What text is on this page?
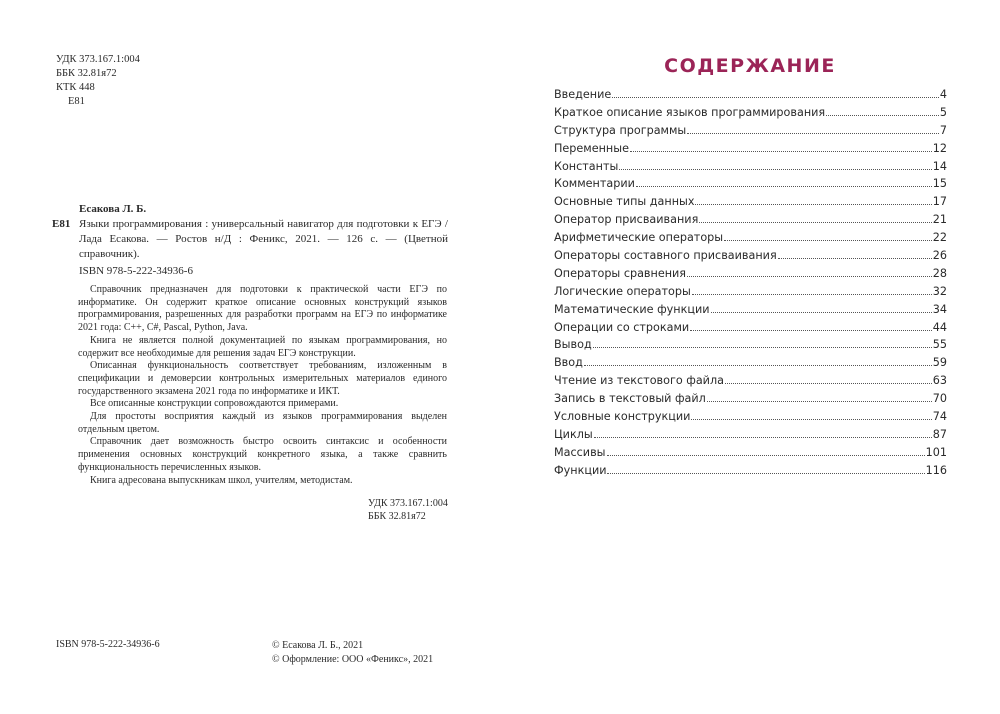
УДК 373.167.1:004
ББК 32.81я72
КТК 448
Е81
Есакова Л. Б.
Е81 Языки программирования : универсальный навигатор для подготовки к ЕГЭ / Лада Есакова. — Ростов н/Д : Феникс, 2021. — 126 с. — (Цветной справочник).
ISBN 978-5-222-34936-6

Справочник предназначен для подготовки к практической части ЕГЭ по информатике. Он содержит краткое описание основных конструкций языков программирования, разрешенных для разработки программ на ЕГЭ по информатике 2021 года: C++, C#, Pascal, Python, Java.

Книга не является полной документацией по языкам программирования, но содержит все необходимые для решения задач ЕГЭ конструкции.

Описанная функциональность соответствует требованиям, изложенным в спецификации и демоверсии контрольных измерительных материалов единого государственного экзамена 2021 года по информатике и ИКТ.

Все описанные конструкции сопровождаются примерами.

Для простоты восприятия каждый из языков программирования выделен отдельным цветом.

Справочник дает возможность быстро освоить синтаксис и особенности применения основных конструкций конкретного языка, а также сравнить функциональность перечисленных языков.

Книга адресована выпускникам школ, учителям, методистам.

УДК 373.167.1:004
ББК 32.81я72
ISBN 978-5-222-34936-6	© Есакова Л. Б., 2021
© Оформление: ООО «Феникс», 2021
СОДЕРЖАНИЕ
Введение	4
Краткое описание языков программирования	5
Структура программы	7
Переменные	12
Константы	14
Комментарии	15
Основные типы данных	17
Оператор присваивания	21
Арифметические операторы	22
Операторы составного присваивания	26
Операторы сравнения	28
Логические операторы	32
Математические функции	34
Операции со строками	44
Вывод	55
Ввод	59
Чтение из текстового файла	63
Запись в текстовый файл	70
Условные конструкции	74
Циклы	87
Массивы	101
Функции	116
